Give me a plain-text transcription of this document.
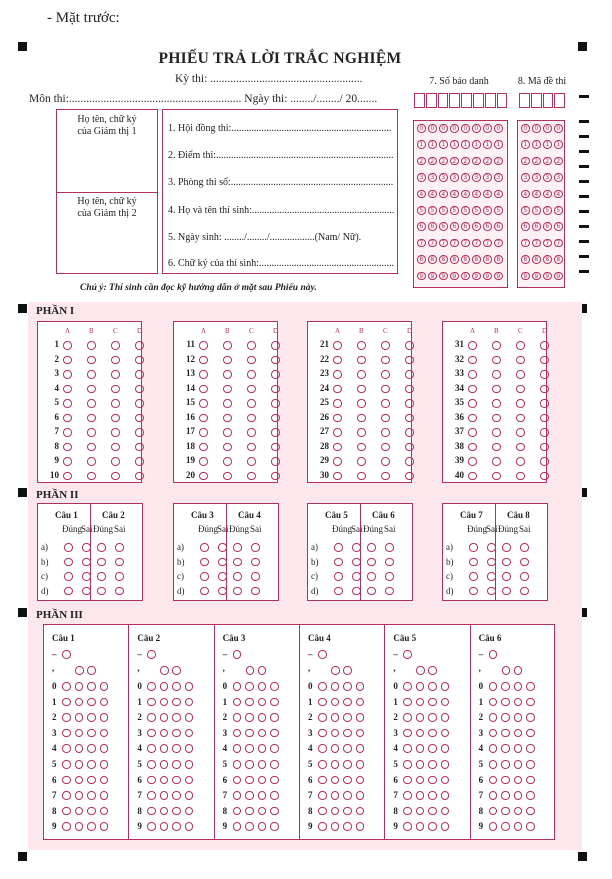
- Mặt trước:
PHIẾU TRẢ LỜI TRẮC NGHIỆM
Kỳ thi: .....................................................
Môn thi:............................................................ Ngày thi: ......../......../ 20.......
Họ tên, chữ ký
của Giám thị 1
Họ tên, chữ ký
của Giám thị 2
1. Hội đồng thi:................................................................
2. Điểm thi:.......................................................................
3. Phòng thi số:.................................................................
4. Họ và tên thí sinh:.........................................................
5. Ngày sinh: ......../......../..................(Nam/ Nữ).
6. Chữ ký của thí sinh:......................................................
Chú ý: Thí sinh cần đọc kỹ hướng dẫn ở mặt sau Phiếu này.
7. Số báo danh	8. Mã đề thi
0	0	0	0	0	0	0	0
1	1	1	1	1	1	1	1
2	2	2	2	2	2	2	2
3	3	3	3	3	3	3	3
4	4	4	4	4	4	4	4
5	5	5	5	5	5	5	5
6	6	6	6	6	6	6	6
7	7	7	7	7	7	7	7
8	8	8	8	8	8	8	8
9	9	9	9	9	9	9	9
0	0	0	0
1	1	1	1
2	2	2	2
3	3	3	3
4	4	4	4
5	5	5	5
6	6	6	6
7	7	7	7
8	8	8	8
9	9	9	9
PHẦN I
A	B	C	D
1
2
3
4
5
6
7
8
9
10
A	B	C	D
11
12
13
14
15
16
17
18
19
20
A	B	C	D
21
22
23
24
25
26
27
28
29
30
A	B	C	D
31
32
33
34
35
36
37
38
39
40
PHẦN II
Câu 1
Đúng Sai
a)
b)
c)
d)
Câu 2
Đúng Sai
Câu 3
Đúng Sai
a)
b)
c)
d)
Câu 4
Đúng Sai
Câu 5
Đúng Sai
a)
b)
c)
d)
Câu 6
Đúng Sai
Câu 7
Đúng Sai
a)
b)
c)
d)
Câu 8
Đúng Sai
PHẦN III
Câu 1
–
,
0
1
2
3
4
5
6
7
8
9
Câu 2
–
,
0
1
2
3
4
5
6
7
8
9
Câu 3
–
,
0
1
2
3
4
5
6
7
8
9
Câu 4
–
,
0
1
2
3
4
5
6
7
8
9
Câu 5
–
,
0
1
2
3
4
5
6
7
8
9
Câu 6
–
,
0
1
2
3
4
5
6
7
8
9
